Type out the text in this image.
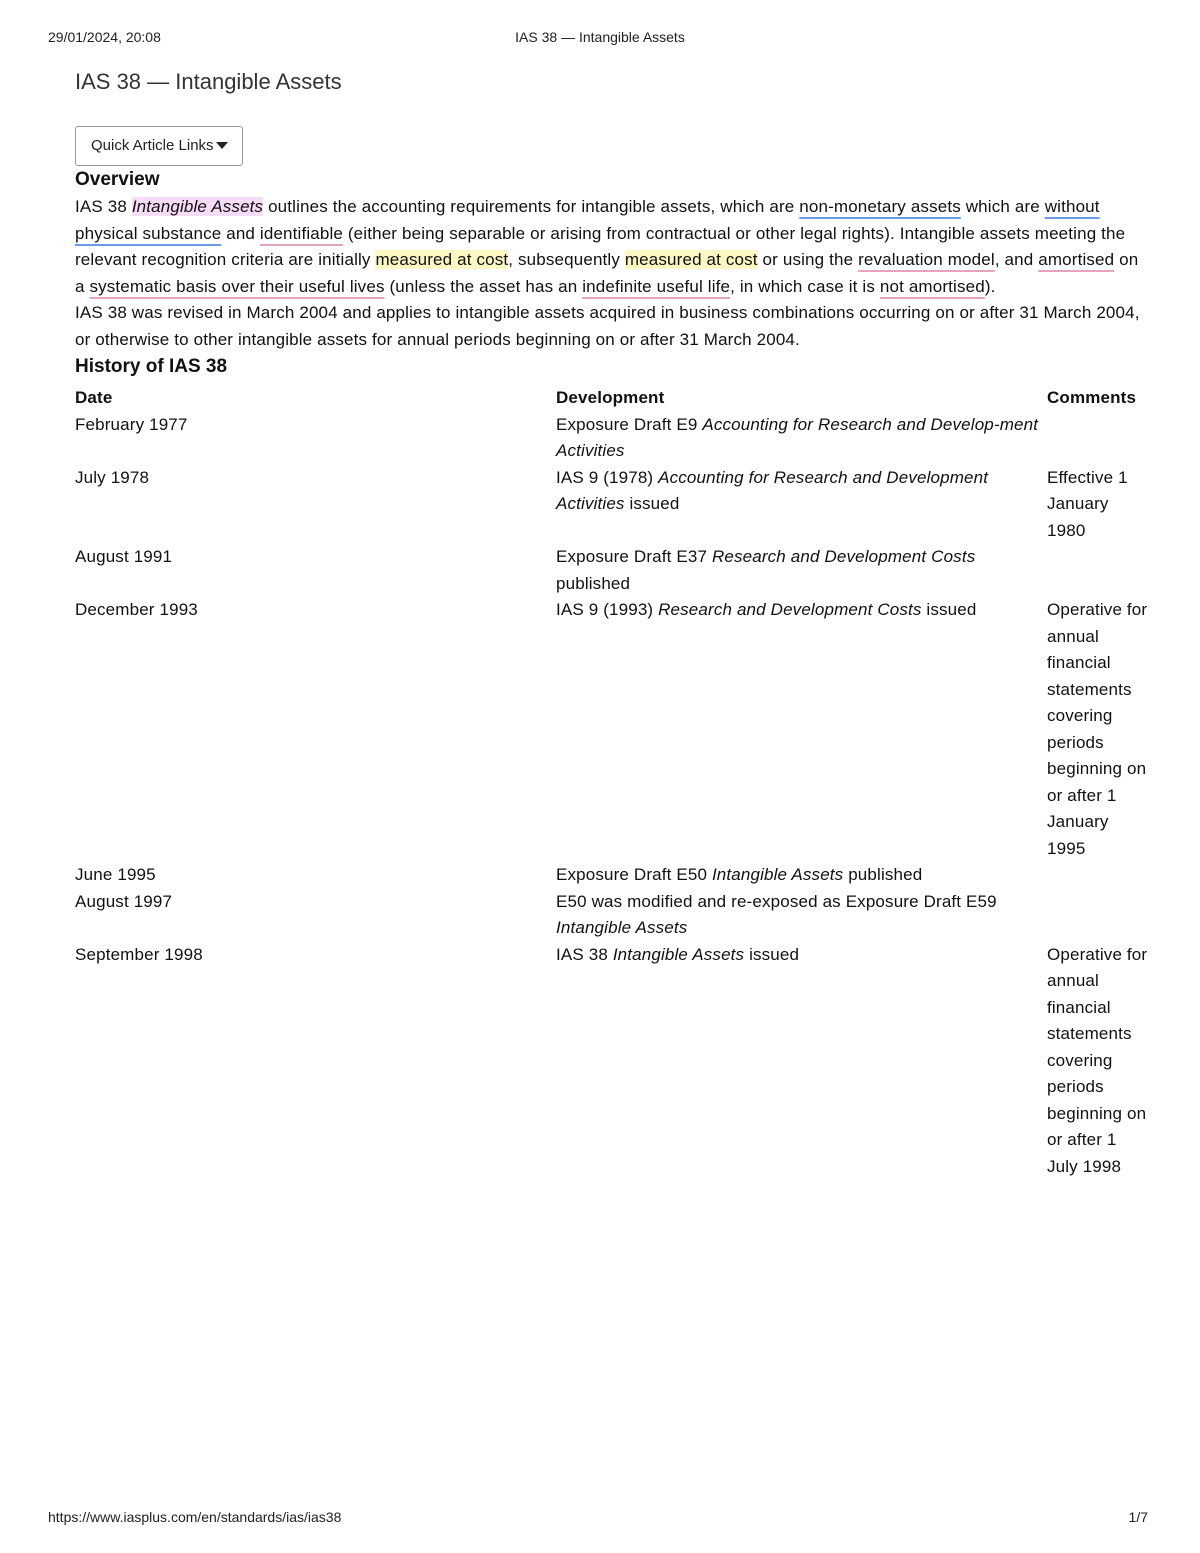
29/01/2024, 20:08	IAS 38 — Intangible Assets
IAS 38 — Intangible Assets
Quick Article Links
Overview

IAS 38 Intangible Assets outlines the accounting requirements for intangible assets, which are non-monetary assets which are without physical substance and identifiable (either being separable or arising from contractual or other legal rights). Intangible assets meeting the relevant recognition criteria are initially measured at cost, subsequently measured at cost or using the revaluation model, and amortised on a systematic basis over their useful lives (unless the asset has an indefinite useful life, in which case it is not amortised).

IAS 38 was revised in March 2004 and applies to intangible assets acquired in business combinations occurring on or after 31 March 2004, or otherwise to other intangible assets for annual periods beginning on or after 31 March 2004.

History of IAS 38
Date	Development	Comments
February 1977	Exposure Draft E9 Accounting for Research and Develop-ment Activities	
July 1978	IAS 9 (1978) Accounting for Research and Development Activities issued	Effective 1 January 1980
August 1991	Exposure Draft E37 Research and Development Costs published	
December 1993	IAS 9 (1993) Research and Development Costs issued	Operative for annual financial statements covering periods beginning on or after 1 January 1995
June 1995	Exposure Draft E50 Intangible Assets published	
August 1997	E50 was modified and re-exposed as Exposure Draft E59 Intangible Assets	
September 1998	IAS 38 Intangible Assets issued	Operative for annual financial statements covering periods beginning on or after 1 July 1998
https://www.iasplus.com/en/standards/ias/ias38	1/7
